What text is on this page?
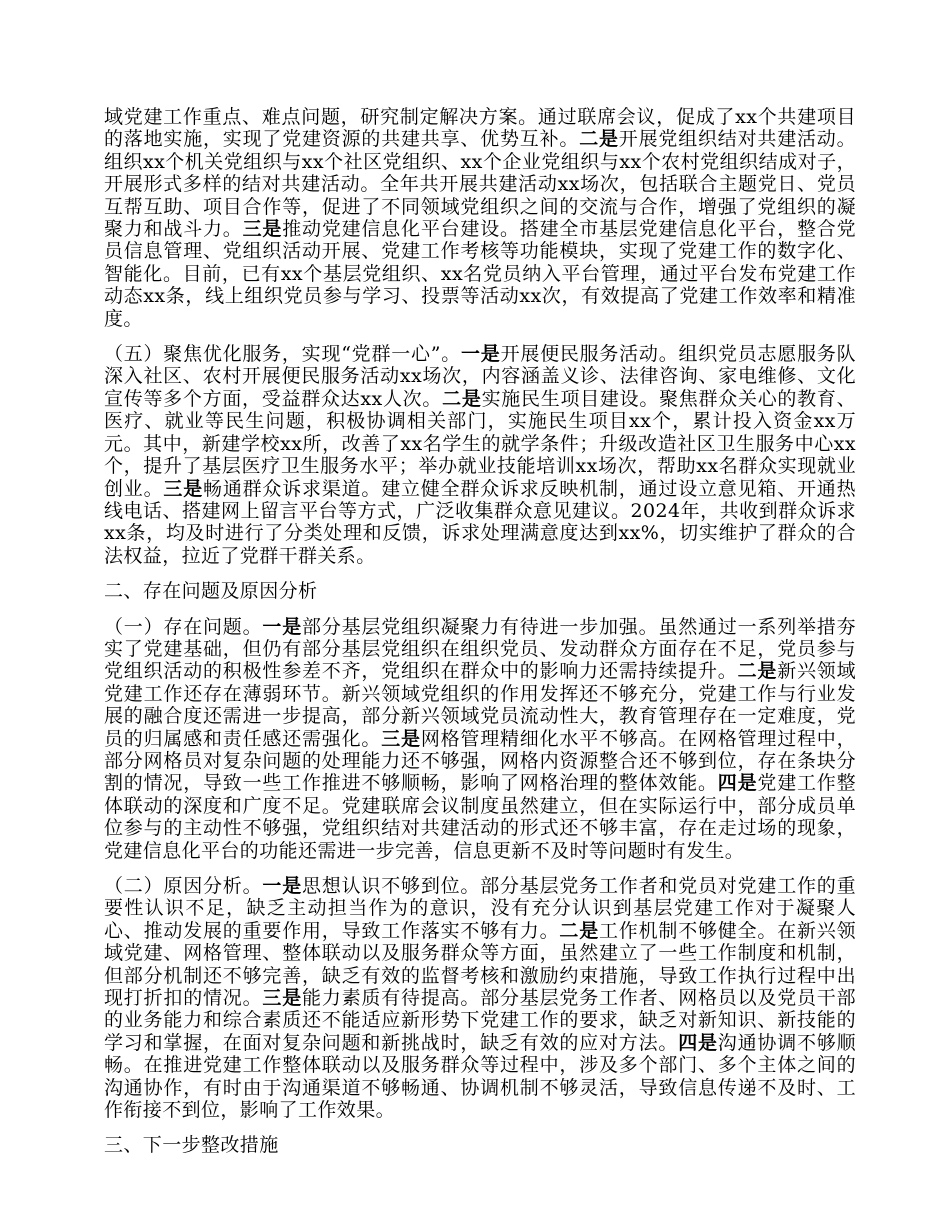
域党建工作重点、难点问题，研究制定解决方案。通过联席会议，促成了xx个共建项目的落地实施，实现了党建资源的共建共享、优势互补。二是开展党组织结对共建活动。组织xx个机关党组织与xx个社区党组织、xx个企业党组织与xx个农村党组织结成对子，开展形式多样的结对共建活动。全年共开展共建活动xx场次，包括联合主题党日、党员互帮互助、项目合作等，促进了不同领域党组织之间的交流与合作，增强了党组织的凝聚力和战斗力。三是推动党建信息化平台建设。搭建全市基层党建信息化平台，整合党员信息管理、党组织活动开展、党建工作考核等功能模块，实现了党建工作的数字化、智能化。目前，已有xx个基层党组织、xx名党员纳入平台管理，通过平台发布党建工作动态xx条，线上组织党员参与学习、投票等活动xx次，有效提高了党建工作效率和精准度。

（五）聚焦优化服务，实现“党群一心”。一是开展便民服务活动。组织党员志愿服务队深入社区、农村开展便民服务活动xx场次，内容涵盖义诊、法律咨询、家电维修、文化宣传等多个方面，受益群众达xx人次。二是实施民生项目建设。聚焦群众关心的教育、医疗、就业等民生问题，积极协调相关部门，实施民生项目xx个，累计投入资金xx万元。其中，新建学校xx所，改善了xx名学生的就学条件；升级改造社区卫生服务中心xx个，提升了基层医疗卫生服务水平；举办就业技能培训xx场次，帮助xx名群众实现就业创业。三是畅通群众诉求渠道。建立健全群众诉求反映机制，通过设立意见箱、开通热线电话、搭建网上留言平台等方式，广泛收集群众意见建议。2024年，共收到群众诉求xx条，均及时进行了分类处理和反馈，诉求处理满意度达到xx%，切实维护了群众的合法权益，拉近了党群干群关系。

二、存在问题及原因分析

（一）存在问题。一是部分基层党组织凝聚力有待进一步加强。虽然通过一系列举措夯实了党建基础，但仍有部分基层党组织在组织党员、发动群众方面存在不足，党员参与党组织活动的积极性参差不齐，党组织在群众中的影响力还需持续提升。二是新兴领域党建工作还存在薄弱环节。新兴领域党组织的作用发挥还不够充分，党建工作与行业发展的融合度还需进一步提高，部分新兴领域党员流动性大，教育管理存在一定难度，党员的归属感和责任感还需强化。三是网格管理精细化水平不够高。在网格管理过程中，部分网格员对复杂问题的处理能力还不够强，网格内资源整合还不够到位，存在条块分割的情况，导致一些工作推进不够顺畅，影响了网格治理的整体效能。四是党建工作整体联动的深度和广度不足。党建联席会议制度虽然建立，但在实际运行中，部分成员单位参与的主动性不够强，党组织结对共建活动的形式还不够丰富，存在走过场的现象，党建信息化平台的功能还需进一步完善，信息更新不及时等问题时有发生。

（二）原因分析。一是思想认识不够到位。部分基层党务工作者和党员对党建工作的重要性认识不足，缺乏主动担当作为的意识，没有充分认识到基层党建工作对于凝聚人心、推动发展的重要作用，导致工作落实不够有力。二是工作机制不够健全。在新兴领域党建、网格管理、整体联动以及服务群众等方面，虽然建立了一些工作制度和机制，但部分机制还不够完善，缺乏有效的监督考核和激励约束措施，导致工作执行过程中出现打折扣的情况。三是能力素质有待提高。部分基层党务工作者、网格员以及党员干部的业务能力和综合素质还不能适应新形势下党建工作的要求，缺乏对新知识、新技能的学习和掌握，在面对复杂问题和新挑战时，缺乏有效的应对方法。四是沟通协调不够顺畅。在推进党建工作整体联动以及服务群众等过程中，涉及多个部门、多个主体之间的沟通协作，有时由于沟通渠道不够畅通、协调机制不够灵活，导致信息传递不及时、工作衔接不到位，影响了工作效果。

三、下一步整改措施
